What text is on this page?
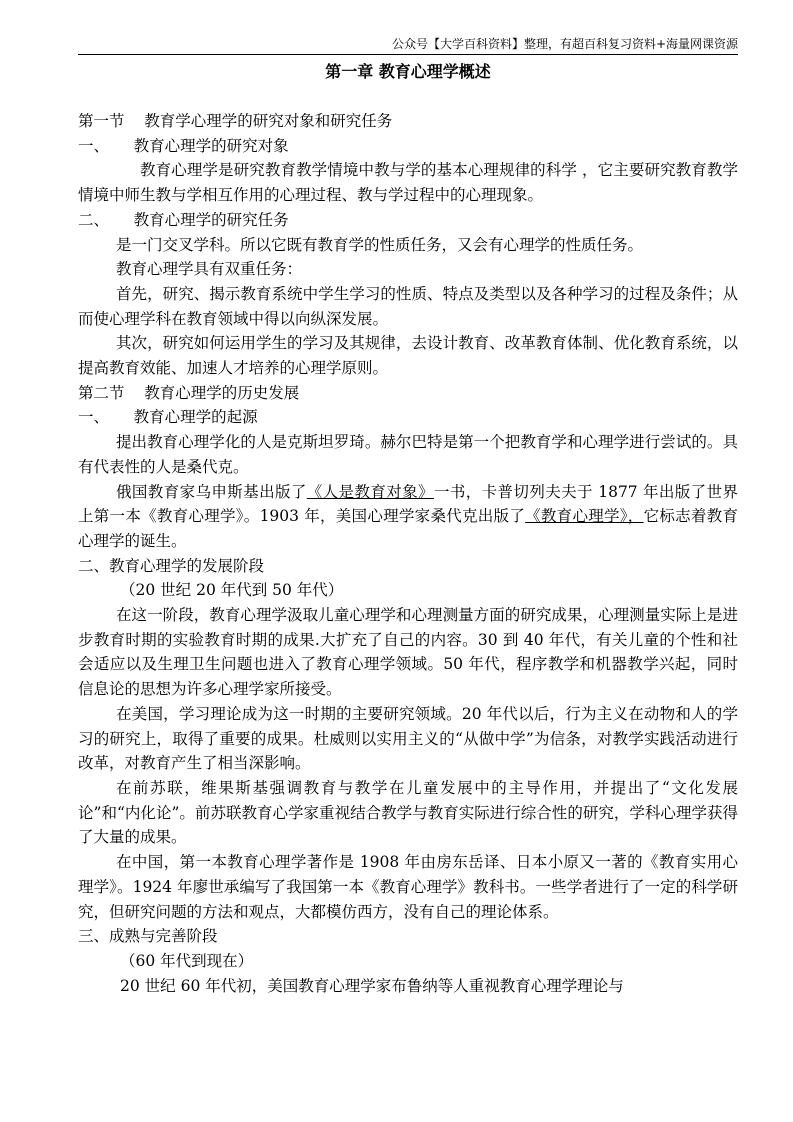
公众号【大学百科资料】整理，有超百科复习资料+海量网课资源
第一章 教育心理学概述

第一节    教育学心理学的研究对象和研究任务

一、     教育心理学的研究对象

教育心理学是研究教育教学情境中教与学的基本心理规律的科学 ，它主要研究教育教学情境中师生教与学相互作用的心理过程、教与学过程中的心理现象。

二、     教育心理学的研究任务

是一门交叉学科。所以它既有教育学的性质任务，又会有心理学的性质任务。

教育心理学具有双重任务：

首先，研究、揭示教育系统中学生学习的性质、特点及类型以及各种学习的过程及条件；从而使心理学科在教育领域中得以向纵深发展。

其次，研究如何运用学生的学习及其规律，去设计教育、改革教育体制、优化教育系统，以提高教育效能、加速人才培养的心理学原则。

第二节    教育心理学的历史发展

一、     教育心理学的起源

提出教育心理学化的人是克斯坦罗琦。赫尔巴特是第一个把教育学和心理学进行尝试的。具有代表性的人是桑代克。

俄国教育家乌申斯基出版了《人是教育对象》一书，卡普切列夫夫于 1877 年出版了世界上第一本《教育心理学》。1903 年，美国心理学家桑代克出版了《教育心理学》，它标志着教育心理学的诞生。

二、教育心理学的发展阶段

（20 世纪 20 年代到 50 年代）

在这一阶段，教育心理学汲取儿童心理学和心理测量方面的研究成果，心理测量实际上是进步教育时期的实验教育时期的成果.大扩充了自己的内容。30 到 40 年代，有关儿童的个性和社会适应以及生理卫生问题也进入了教育心理学领域。50 年代，程序教学和机器教学兴起，同时信息论的思想为许多心理学家所接受。

在美国，学习理论成为这一时期的主要研究领域。20 年代以后，行为主义在动物和人的学习的研究上，取得了重要的成果。杜威则以实用主义的“从做中学”为信条，对教学实践活动进行改革，对教育产生了相当深影响。

在前苏联，维果斯基强调教育与教学在儿童发展中的主导作用，并提出了“文化发展论”和“内化论”。前苏联教育心学家重视结合教学与教育实际进行综合性的研究，学科心理学获得了大量的成果。

在中国，第一本教育心理学著作是 1908 年由房东岳译、日本小原又一著的《教育实用心理学》。1924 年廖世承编写了我国第一本《教育心理学》教科书。一些学者进行了一定的科学研究，但研究问题的方法和观点，大都模仿西方，没有自己的理论体系。

三、成熟与完善阶段

（60 年代到现在）

20 世纪 60 年代初，美国教育心理学家布鲁纳等人重视教育心理学理论与
